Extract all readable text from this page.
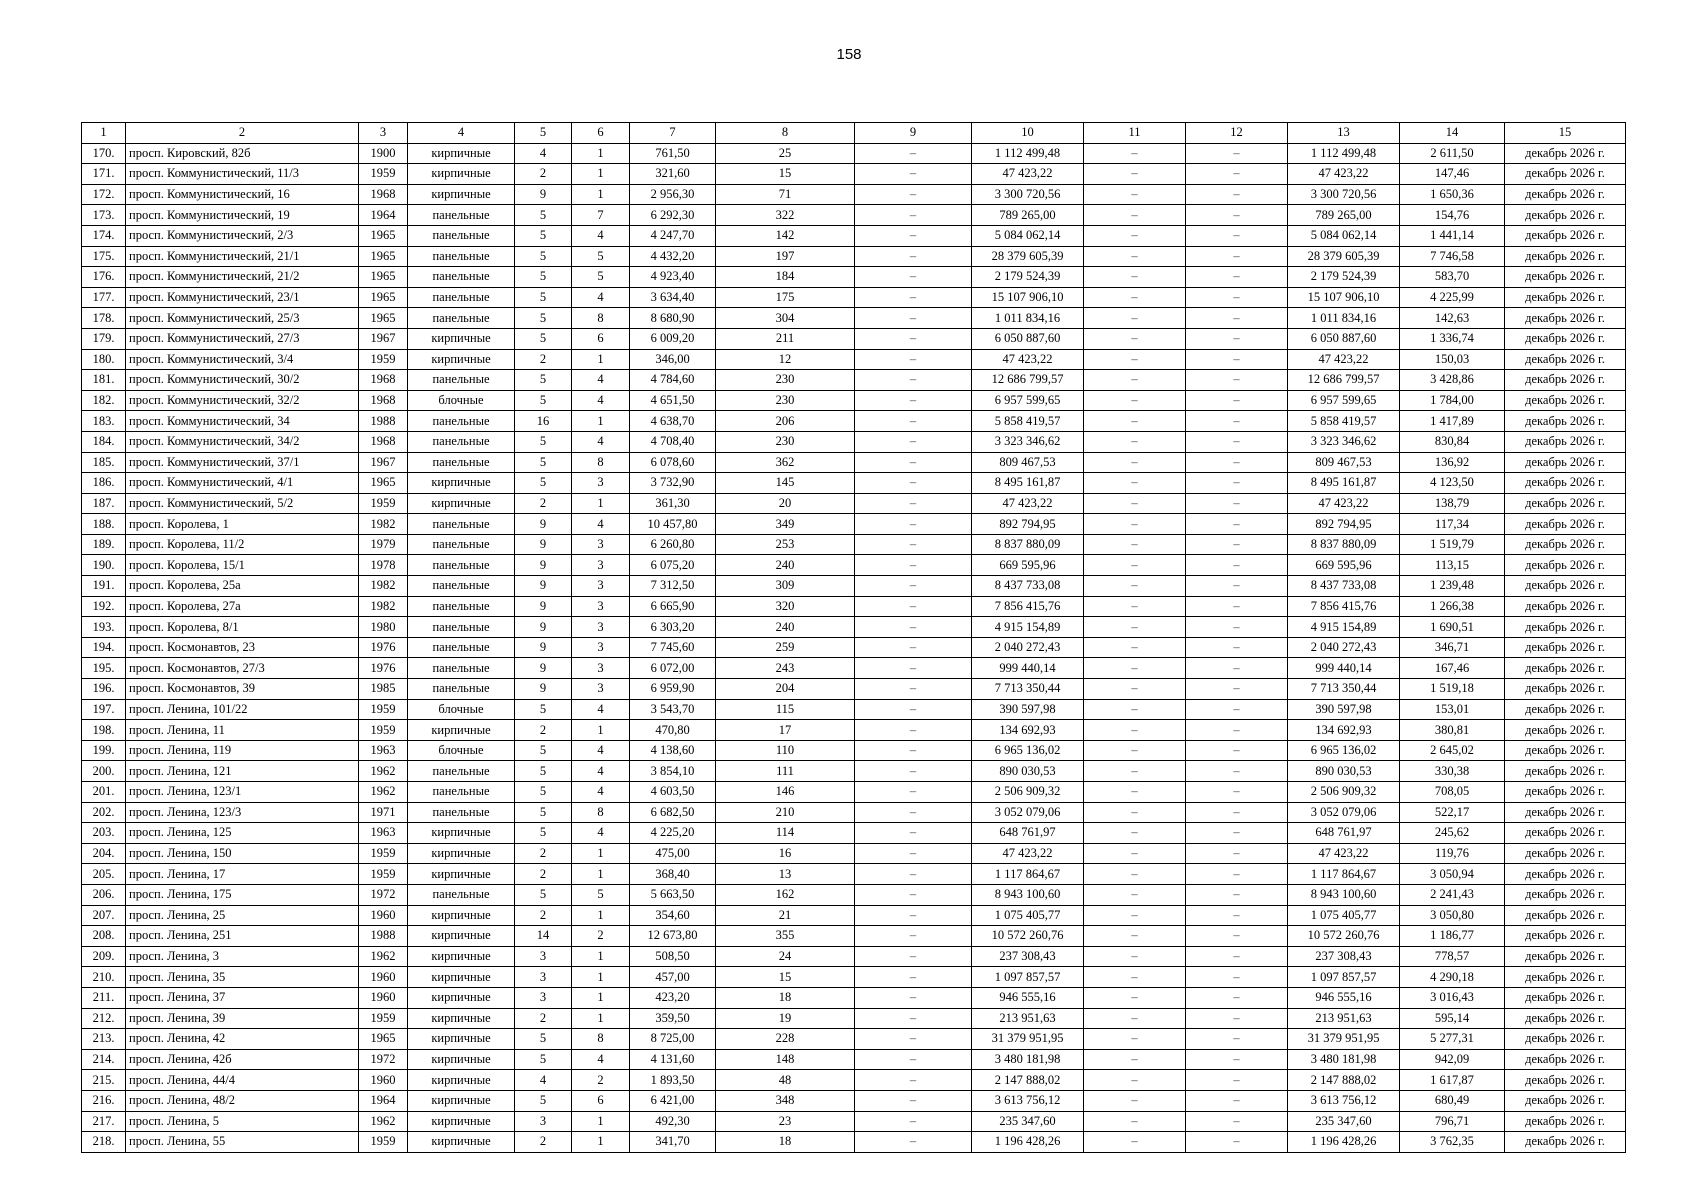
158
1	2	3	4	5	6	7	8	9	10	11	12	13	14	15
170.	просп. Кировский, 82б	1900	кирпичные	4	1	761,50	25	–	1 112 499,48	–	–	1 112 499,48	2 611,50	декабрь 2026 г.
171.	просп. Коммунистический, 11/3	1959	кирпичные	2	1	321,60	15	–	47 423,22	–	–	47 423,22	147,46	декабрь 2026 г.
172.	просп. Коммунистический, 16	1968	кирпичные	9	1	2 956,30	71	–	3 300 720,56	–	–	3 300 720,56	1 650,36	декабрь 2026 г.
173.	просп. Коммунистический, 19	1964	панельные	5	7	6 292,30	322	–	789 265,00	–	–	789 265,00	154,76	декабрь 2026 г.
174.	просп. Коммунистический, 2/3	1965	панельные	5	4	4 247,70	142	–	5 084 062,14	–	–	5 084 062,14	1 441,14	декабрь 2026 г.
175.	просп. Коммунистический, 21/1	1965	панельные	5	5	4 432,20	197	–	28 379 605,39	–	–	28 379 605,39	7 746,58	декабрь 2026 г.
176.	просп. Коммунистический, 21/2	1965	панельные	5	5	4 923,40	184	–	2 179 524,39	–	–	2 179 524,39	583,70	декабрь 2026 г.
177.	просп. Коммунистический, 23/1	1965	панельные	5	4	3 634,40	175	–	15 107 906,10	–	–	15 107 906,10	4 225,99	декабрь 2026 г.
178.	просп. Коммунистический, 25/3	1965	панельные	5	8	8 680,90	304	–	1 011 834,16	–	–	1 011 834,16	142,63	декабрь 2026 г.
179.	просп. Коммунистический, 27/3	1967	кирпичные	5	6	6 009,20	211	–	6 050 887,60	–	–	6 050 887,60	1 336,74	декабрь 2026 г.
180.	просп. Коммунистический, 3/4	1959	кирпичные	2	1	346,00	12	–	47 423,22	–	–	47 423,22	150,03	декабрь 2026 г.
181.	просп. Коммунистический, 30/2	1968	панельные	5	4	4 784,60	230	–	12 686 799,57	–	–	12 686 799,57	3 428,86	декабрь 2026 г.
182.	просп. Коммунистический, 32/2	1968	блочные	5	4	4 651,50	230	–	6 957 599,65	–	–	6 957 599,65	1 784,00	декабрь 2026 г.
183.	просп. Коммунистический, 34	1988	панельные	16	1	4 638,70	206	–	5 858 419,57	–	–	5 858 419,57	1 417,89	декабрь 2026 г.
184.	просп. Коммунистический, 34/2	1968	панельные	5	4	4 708,40	230	–	3 323 346,62	–	–	3 323 346,62	830,84	декабрь 2026 г.
185.	просп. Коммунистический, 37/1	1967	панельные	5	8	6 078,60	362	–	809 467,53	–	–	809 467,53	136,92	декабрь 2026 г.
186.	просп. Коммунистический, 4/1	1965	кирпичные	5	3	3 732,90	145	–	8 495 161,87	–	–	8 495 161,87	4 123,50	декабрь 2026 г.
187.	просп. Коммунистический, 5/2	1959	кирпичные	2	1	361,30	20	–	47 423,22	–	–	47 423,22	138,79	декабрь 2026 г.
188.	просп. Королева, 1	1982	панельные	9	4	10 457,80	349	–	892 794,95	–	–	892 794,95	117,34	декабрь 2026 г.
189.	просп. Королева, 11/2	1979	панельные	9	3	6 260,80	253	–	8 837 880,09	–	–	8 837 880,09	1 519,79	декабрь 2026 г.
190.	просп. Королева, 15/1	1978	панельные	9	3	6 075,20	240	–	669 595,96	–	–	669 595,96	113,15	декабрь 2026 г.
191.	просп. Королева, 25а	1982	панельные	9	3	7 312,50	309	–	8 437 733,08	–	–	8 437 733,08	1 239,48	декабрь 2026 г.
192.	просп. Королева, 27а	1982	панельные	9	3	6 665,90	320	–	7 856 415,76	–	–	7 856 415,76	1 266,38	декабрь 2026 г.
193.	просп. Королева, 8/1	1980	панельные	9	3	6 303,20	240	–	4 915 154,89	–	–	4 915 154,89	1 690,51	декабрь 2026 г.
194.	просп. Космонавтов, 23	1976	панельные	9	3	7 745,60	259	–	2 040 272,43	–	–	2 040 272,43	346,71	декабрь 2026 г.
195.	просп. Космонавтов, 27/3	1976	панельные	9	3	6 072,00	243	–	999 440,14	–	–	999 440,14	167,46	декабрь 2026 г.
196.	просп. Космонавтов, 39	1985	панельные	9	3	6 959,90	204	–	7 713 350,44	–	–	7 713 350,44	1 519,18	декабрь 2026 г.
197.	просп. Ленина, 101/22	1959	блочные	5	4	3 543,70	115	–	390 597,98	–	–	390 597,98	153,01	декабрь 2026 г.
198.	просп. Ленина, 11	1959	кирпичные	2	1	470,80	17	–	134 692,93	–	–	134 692,93	380,81	декабрь 2026 г.
199.	просп. Ленина, 119	1963	блочные	5	4	4 138,60	110	–	6 965 136,02	–	–	6 965 136,02	2 645,02	декабрь 2026 г.
200.	просп. Ленина, 121	1962	панельные	5	4	3 854,10	111	–	890 030,53	–	–	890 030,53	330,38	декабрь 2026 г.
201.	просп. Ленина, 123/1	1962	панельные	5	4	4 603,50	146	–	2 506 909,32	–	–	2 506 909,32	708,05	декабрь 2026 г.
202.	просп. Ленина, 123/3	1971	панельные	5	8	6 682,50	210	–	3 052 079,06	–	–	3 052 079,06	522,17	декабрь 2026 г.
203.	просп. Ленина, 125	1963	кирпичные	5	4	4 225,20	114	–	648 761,97	–	–	648 761,97	245,62	декабрь 2026 г.
204.	просп. Ленина, 150	1959	кирпичные	2	1	475,00	16	–	47 423,22	–	–	47 423,22	119,76	декабрь 2026 г.
205.	просп. Ленина, 17	1959	кирпичные	2	1	368,40	13	–	1 117 864,67	–	–	1 117 864,67	3 050,94	декабрь 2026 г.
206.	просп. Ленина, 175	1972	панельные	5	5	5 663,50	162	–	8 943 100,60	–	–	8 943 100,60	2 241,43	декабрь 2026 г.
207.	просп. Ленина, 25	1960	кирпичные	2	1	354,60	21	–	1 075 405,77	–	–	1 075 405,77	3 050,80	декабрь 2026 г.
208.	просп. Ленина, 251	1988	кирпичные	14	2	12 673,80	355	–	10 572 260,76	–	–	10 572 260,76	1 186,77	декабрь 2026 г.
209.	просп. Ленина, 3	1962	кирпичные	3	1	508,50	24	–	237 308,43	–	–	237 308,43	778,57	декабрь 2026 г.
210.	просп. Ленина, 35	1960	кирпичные	3	1	457,00	15	–	1 097 857,57	–	–	1 097 857,57	4 290,18	декабрь 2026 г.
211.	просп. Ленина, 37	1960	кирпичные	3	1	423,20	18	–	946 555,16	–	–	946 555,16	3 016,43	декабрь 2026 г.
212.	просп. Ленина, 39	1959	кирпичные	2	1	359,50	19	–	213 951,63	–	–	213 951,63	595,14	декабрь 2026 г.
213.	просп. Ленина, 42	1965	кирпичные	5	8	8 725,00	228	–	31 379 951,95	–	–	31 379 951,95	5 277,31	декабрь 2026 г.
214.	просп. Ленина, 42б	1972	кирпичные	5	4	4 131,60	148	–	3 480 181,98	–	–	3 480 181,98	942,09	декабрь 2026 г.
215.	просп. Ленина, 44/4	1960	кирпичные	4	2	1 893,50	48	–	2 147 888,02	–	–	2 147 888,02	1 617,87	декабрь 2026 г.
216.	просп. Ленина, 48/2	1964	кирпичные	5	6	6 421,00	348	–	3 613 756,12	–	–	3 613 756,12	680,49	декабрь 2026 г.
217.	просп. Ленина, 5	1962	кирпичные	3	1	492,30	23	–	235 347,60	–	–	235 347,60	796,71	декабрь 2026 г.
218.	просп. Ленина, 55	1959	кирпичные	2	1	341,70	18	–	1 196 428,26	–	–	1 196 428,26	3 762,35	декабрь 2026 г.
